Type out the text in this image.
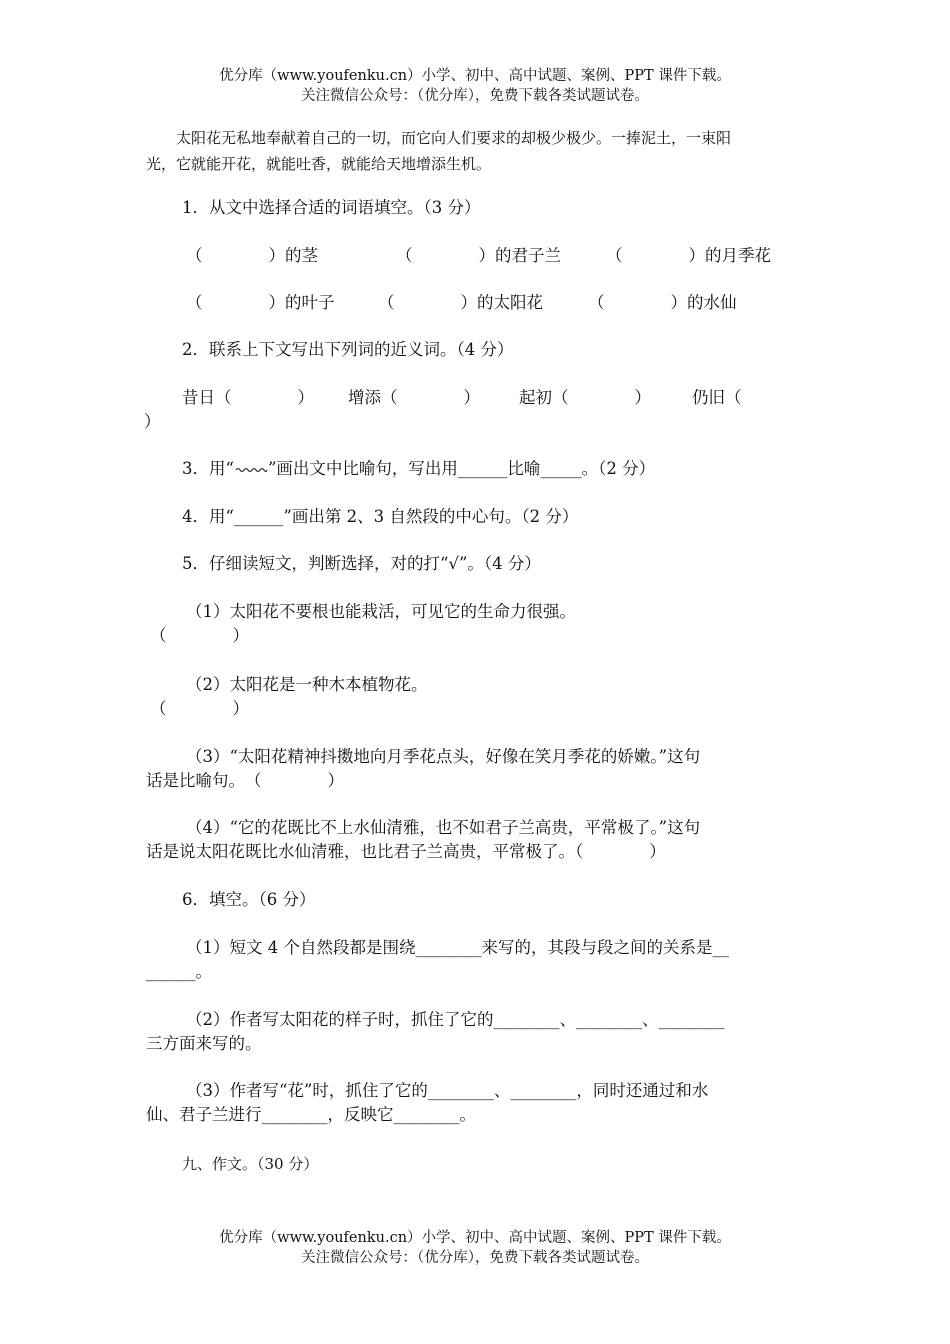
优分库（www.youfenku.cn）小学、初中、高中试题、案例、PPT 课件下载。
关注微信公众号：（优分库），免费下载各类试题试卷。
　　太阳花无私地奉献着自己的一切，而它向人们要求的却极少极少。一捧泥土，一束阳
光，它就能开花，就能吐香，就能给天地增添生机。
1．从文中选择合适的词语填空。（3 分）
（　　　　）的茎	（　　　　）的君子兰	（　　　　）的月季花
（　　　　）的叶子	（　　　　）的太阳花	（　　　　）的水仙
2．联系上下文写出下列词的近义词。（4 分）
昔日（　　　　） 增添（　　　　） 起初（　　　　） 仍旧（
）
3．用“ ”画出文中比喻句，写出用______比喻_____。（2 分）
4．用“______”画出第 2、3 自然段的中心句。（2 分）
5．仔细读短文，判断选择，对的打“√”。（4 分）
（1）太阳花不要根也能栽活，可见它的生命力很强。
（　　　　）
（2）太阳花是一种木本植物花。
（　　　　）
（3）“太阳花精神抖擞地向月季花点头，好像在笑月季花的娇嫩。”这句
话是比喻句。　（　　　　）
（4）“它的花既比不上水仙清雅，也不如君子兰高贵，平常极了。”这句
话是说太阳花既比水仙清雅，也比君子兰高贵，平常极了。（　　　　）
6．填空。（6 分）
（1）短文 4 个自然段都是围绕________来写的，其段与段之间的关系是__
______。
（2）作者写太阳花的样子时，抓住了它的________、________、________
三方面来写的。
（3）作者写“花”时，抓住了它的________、________，同时还通过和水
仙、君子兰进行________，反映它________。
九、作文。（30 分）
优分库（www.youfenku.cn）小学、初中、高中试题、案例、PPT 课件下载。
关注微信公众号：（优分库），免费下载各类试题试卷。
